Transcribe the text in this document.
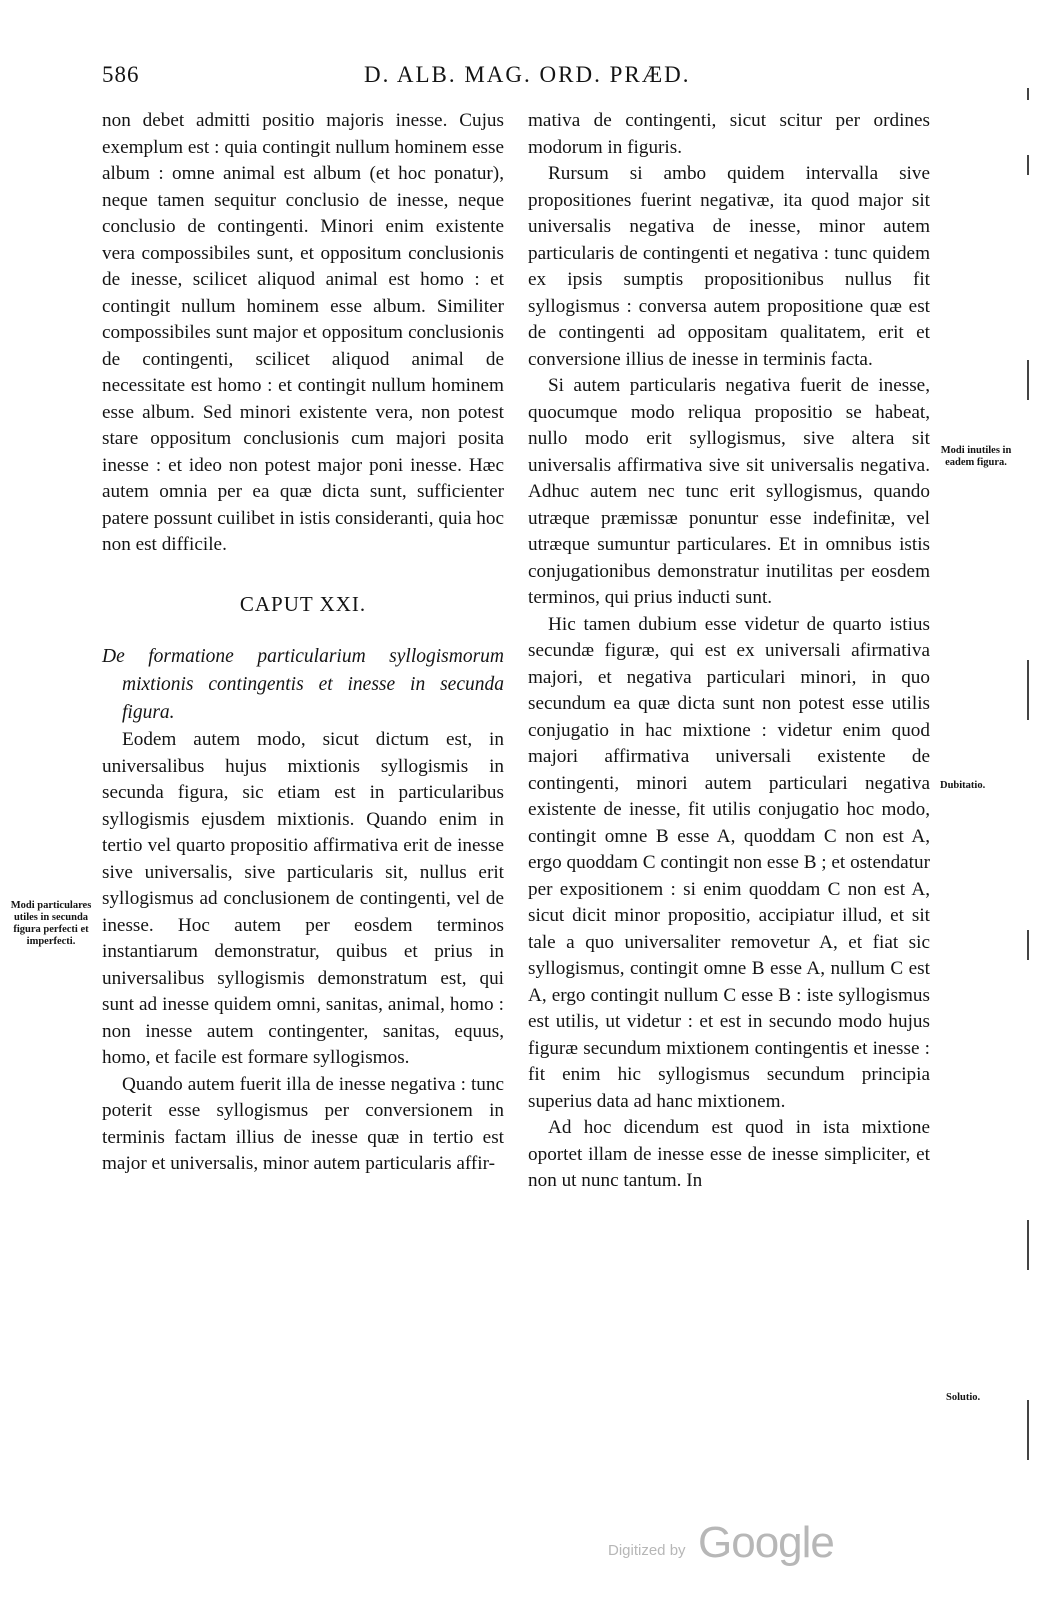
586	D. ALB. MAG. ORD. PRÆD.

non debet admitti positio majoris inesse. Cujus exemplum est : quia contingit nullum hominem esse album : omne animal est album (et hoc ponatur), neque tamen sequitur conclusio de inesse, neque conclusio de contingenti. Minori enim existente vera compossibiles sunt, et oppositum conclusionis de inesse, scilicet aliquod animal est homo : et contingit nullum hominem esse album. Similiter compossibiles sunt major et oppositum conclusionis de contingenti, scilicet aliquod animal de necessitate est homo : et contingit nullum hominem esse album. Sed minori existente vera, non potest stare oppositum conclusionis cum majori posita inesse : et ideo non potest major poni inesse. Hæc autem omnia per ea quæ dicta sunt, sufficienter patere possunt cuilibet in istis consideranti, quia hoc non est difficile.

CAPUT XXI.

De formatione particularium syllogismorum mixtionis contingentis et inesse in secunda figura.

Eodem autem modo, sicut dictum est, in universalibus hujus mixtionis syllogismis in secunda figura, sic etiam est in particularibus syllogismis ejusdem mixtionis. Quando enim in tertio vel quarto propositio affirmativa erit de inesse sive universalis, sive particularis sit, nullus erit syllogismus ad conclusionem de contingenti, vel de inesse. Hoc autem per eosdem terminos instantiarum demonstratur, quibus et prius in universalibus syllogismis demonstratum est, qui sunt ad inesse quidem omni, sanitas, animal, homo : non inesse autem contingenter, sanitas, equus, homo, et facile est formare syllogismos.

Quando autem fuerit illa de inesse negativa : tunc poterit esse syllogismus per conversionem in terminis factam illius de inesse quæ in tertio est major et universalis, minor autem particularis affir-

mativa de contingenti, sicut scitur per ordines modorum in figuris.

Rursum si ambo quidem intervalla sive propositiones fuerint negativæ, ita quod major sit universalis negativa de inesse, minor autem particularis de contingenti et negativa : tunc quidem ex ipsis sumptis propositionibus nullus fit syllogismus : conversa autem propositione quæ est de contingenti ad oppositam qualitatem, erit et conversione illius de inesse in terminis facta.

Si autem particularis negativa fuerit de inesse, quocumque modo reliqua propositio se habeat, nullo modo erit syllogismus, sive altera sit universalis affirmativa sive sit universalis negativa. Adhuc autem nec tunc erit syllogismus, quando utræque præmissæ ponuntur esse indefinitæ, vel utræque sumuntur particulares. Et in omnibus istis conjugationibus demonstratur inutilitas per eosdem terminos, qui prius inducti sunt.

Hic tamen dubium esse videtur de quarto istius secundæ figuræ, qui est ex universali afirmativa majori, et negativa particulari minori, in quo secundum ea quæ dicta sunt non potest esse utilis conjugatio in hac mixtione : videtur enim quod majori affirmativa universali existente de contingenti, minori autem particulari negativa existente de inesse, fit utilis conjugatio hoc modo, contingit omne B esse A, quoddam C non est A, ergo quoddam C contingit non esse B ; et ostendatur per expositionem : si enim quoddam C non est A, sicut dicit minor propositio, accipiatur illud, et sit tale a quo universaliter removetur A, et fiat sic syllogismus, contingit omne B esse A, nullum C est A, ergo contingit nullum C esse B : iste syllogismus est utilis, ut videtur : et est in secundo modo hujus figuræ secundum mixtionem contingentis et inesse : fit enim hic syllogismus secundum principia superius data ad hanc mixtionem.

Ad hoc dicendum est quod in ista mixtione oportet illam de inesse esse de inesse simpliciter, et non ut nunc tantum. In

Modi particulares utiles in secunda figura perfecti et imperfecti.
Modi inutiles in eadem figura.
Dubitatio.
Solutio.
Digitized by Google
